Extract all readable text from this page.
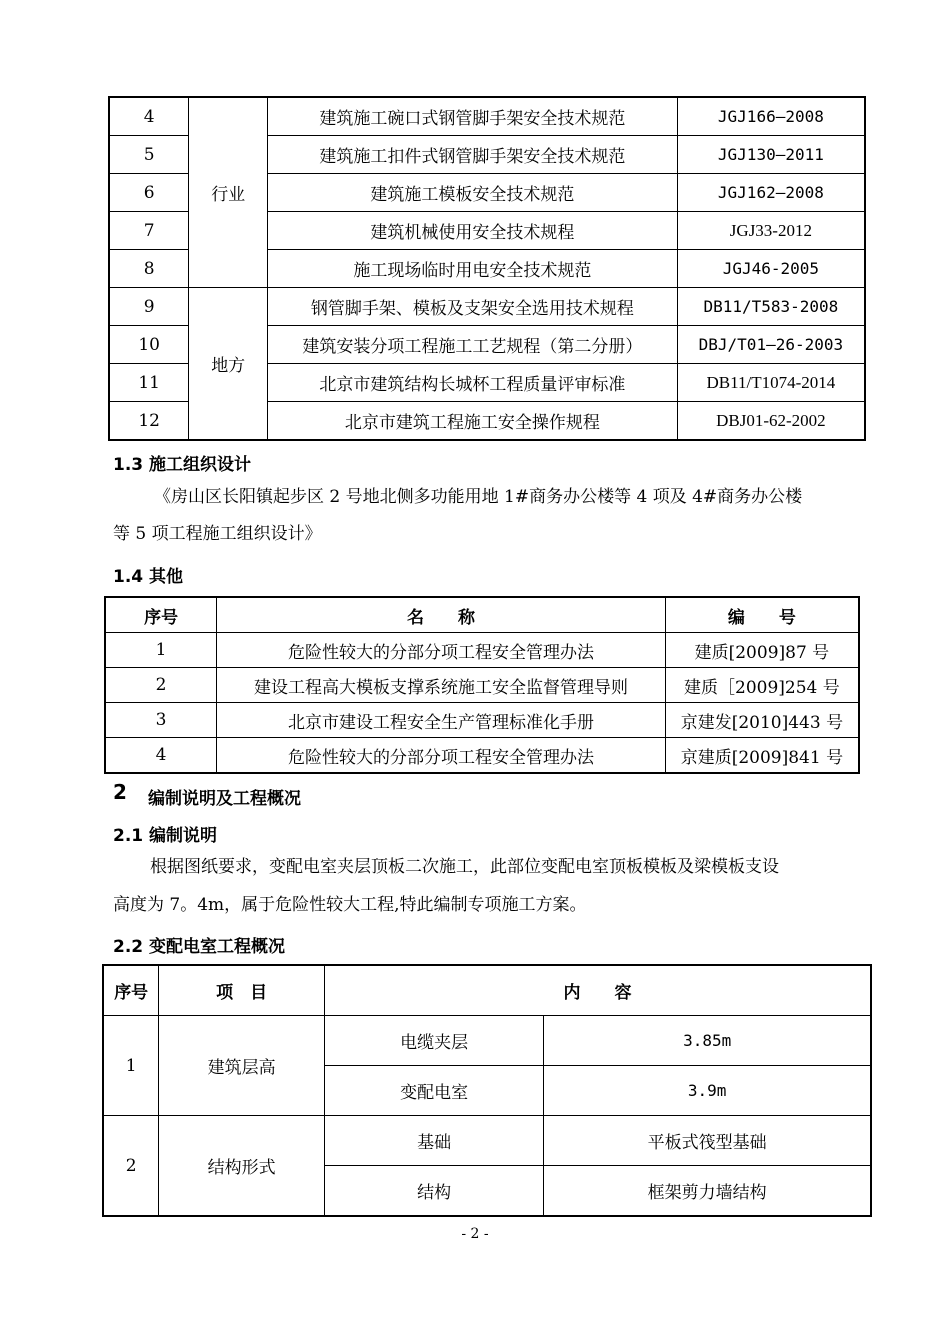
4	行业	建筑施工碗口式钢管脚手架安全技术规范	JGJ166—2008
5		建筑施工扣件式钢管脚手架安全技术规范	JGJ130—2011
6		建筑施工模板安全技术规范	JGJ162—2008
7		建筑机械使用安全技术规程	JGJ33-2012
8		施工现场临时用电安全技术规范	JGJ46-2005
9	地方	钢管脚手架、模板及支架安全选用技术规程	DB11/T583-2008
10		建筑安装分项工程施工工艺规程（第二分册）	DBJ/T01—26-2003
11		北京市建筑结构长城杯工程质量评审标准	DB11/T1074-2014
12		北京市建筑工程施工安全操作规程	DBJ01-62-2002
1.3 施工组织设计
《房山区长阳镇起步区 2 号地北侧多功能用地 1#商务办公楼等 4 项及 4#商务办公楼
等 5 项工程施工组织设计》
1.4 其他
序号	名　　称	编　　号
1	危险性较大的分部分项工程安全管理办法	建质[2009]87 号
2	建设工程高大模板支撑系统施工安全监督管理导则	建质［2009]254 号
3	北京市建设工程安全生产管理标准化手册	京建发[2010]443 号
4	危险性较大的分部分项工程安全管理办法	京建质[2009]841 号
2 编制说明及工程概况
2.1 编制说明
根据图纸要求，变配电室夹层顶板二次施工，此部位变配电室顶板模板及梁模板支设
高度为 7。4m，属于危险性较大工程,特此编制专项施工方案。
2.2 变配电室工程概况
序号	项　目	内　　容	
1	建筑层高	电缆夹层	3.85m
		变配电室	3.9m
2	结构形式	基础	平板式筏型基础
		结构	框架剪力墙结构
- 2 -
